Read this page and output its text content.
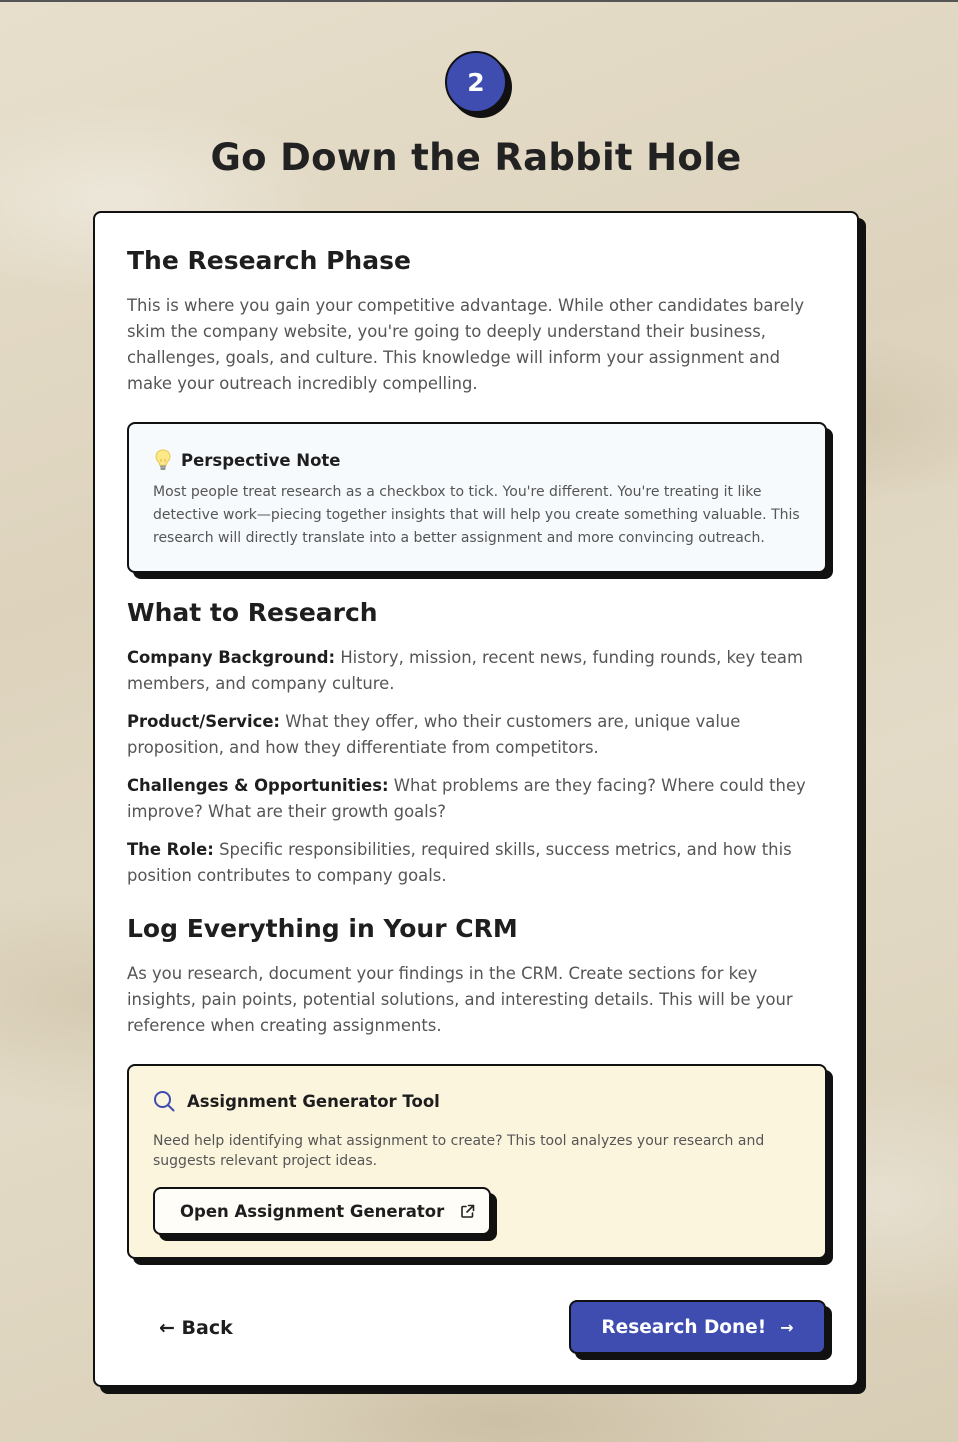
2
Go Down the Rabbit Hole
The Research Phase

This is where you gain your competitive advantage. While other candidates barely skim the company website, you're going to deeply understand their business, challenges, goals, and culture. This knowledge will inform your assignment and make your outreach incredibly compelling.

Perspective Note

Most people treat research as a checkbox to tick. You're different. You're treating it like detective work—piecing together insights that will help you create something valuable. This research will directly translate into a better assignment and more convincing outreach.

What to Research

Company Background: History, mission, recent news, funding rounds, key team members, and company culture.

Product/Service: What they offer, who their customers are, unique value proposition, and how they differentiate from competitors.

Challenges & Opportunities: What problems are they facing? Where could they improve? What are their growth goals?

The Role: Specific responsibilities, required skills, success metrics, and how this position contributes to company goals.

Log Everything in Your CRM

As you research, document your findings in the CRM. Create sections for key insights, pain points, potential solutions, and interesting details. This will be your reference when creating assignments.

Assignment Generator Tool

Need help identifying what assignment to create? This tool analyzes your research and suggests relevant project ideas.

Open Assignment Generator
← Back	Research Done! →
